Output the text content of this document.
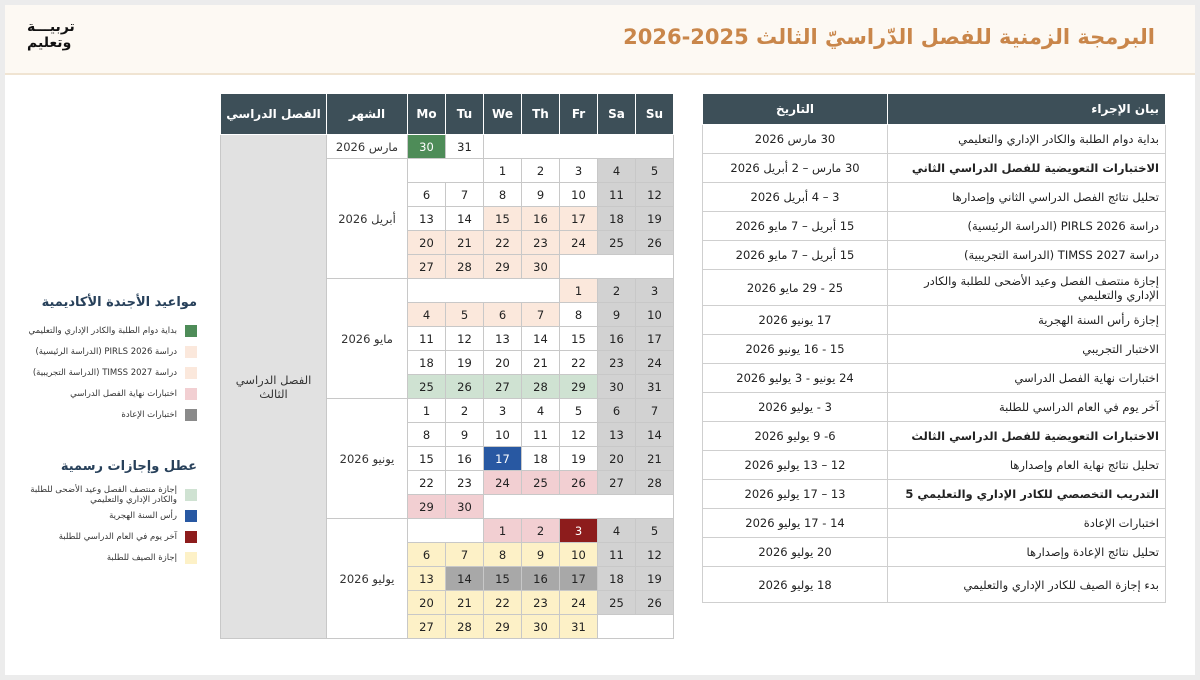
تربيـــة
وتعليم	البرمجة الزمنية للفصل الدّراسيّ الثالث 2025-2026
مواعيد الأجندة الأكاديمية
بداية دوام الطلبة والكادر الإداري والتعليمي
دراسة PIRLS 2026 (الدراسة الرئيسية)
دراسة TIMSS 2027 (الدراسة التجريبية)
اختبارات نهاية الفصل الدراسي
اختبارات الإعادة
عطل وإجازات رسمية
إجازة منتصف الفصل وعيد الأضحى للطلبة والكادر الإداري والتعليمي
رأس السنة الهجرية
آخر يوم في العام الدراسي للطلبة
إجازة الصيف للطلبة
الفصل الدراسي	الشهر	Mo	Tu	We	Th	Fr	Sa	Su
الفصل الدراسي الثالث	مارس 2026	30	31					
	أبريل 2026			1	2	3	4	5
		6	7	8	9	10	11	12
		13	14	15	16	17	18	19
		20	21	22	23	24	25	26
		27	28	29	30			
	مايو 2026					1	2	3
		4	5	6	7	8	9	10
		11	12	13	14	15	16	17
		18	19	20	21	22	23	24
		25	26	27	28	29	30	31
	يونيو 2026	1	2	3	4	5	6	7
		8	9	10	11	12	13	14
		15	16	17	18	19	20	21
		22	23	24	25	26	27	28
		29	30					
	يوليو 2026			1	2	3	4	5
		6	7	8	9	10	11	12
		13	14	15	16	17	18	19
		20	21	22	23	24	25	26
		27	28	29	30	31		
بيان الإجراء	التاريخ
بداية دوام الطلبة والكادر الإداري والتعليمي	30 مارس 2026
الاختبارات التعويضية للفصل الدراسي الثاني	30 مارس – 2 أبريل 2026
تحليل نتائج الفصل الدراسي الثاني وإصدارها	3 – 4 أبريل 2026
دراسة PIRLS 2026 (الدراسة الرئيسية)	15 أبريل – 7 مايو 2026
دراسة TIMSS 2027 (الدراسة التجريبية)	15 أبريل – 7 مايو 2026
إجازة منتصف الفصل وعيد الأضحى للطلبة والكادر الإداري والتعليمي	25 - 29 مايو 2026
إجازة رأس السنة الهجرية	17 يونيو 2026
الاختبار التجريبي	15 - 16 يونيو 2026
اختبارات نهاية الفصل الدراسي	24 يونيو - 3 يوليو 2026
آخر يوم في العام الدراسي للطلبة	3 - يوليو 2026
الاختبارات التعويضية للفصل الدراسي الثالث	6- 9 يوليو 2026
تحليل نتائج نهاية العام وإصدارها	12 – 13 يوليو 2026
التدريب التخصصي للكادر الإداري والتعليمي 5	13 – 17 يوليو 2026
اختبارات الإعادة	14 - 17 يوليو 2026
تحليل نتائج الإعادة وإصدارها	20 يوليو 2026
بدء إجازة الصيف للكادر الإداري والتعليمي	18 يوليو 2026
